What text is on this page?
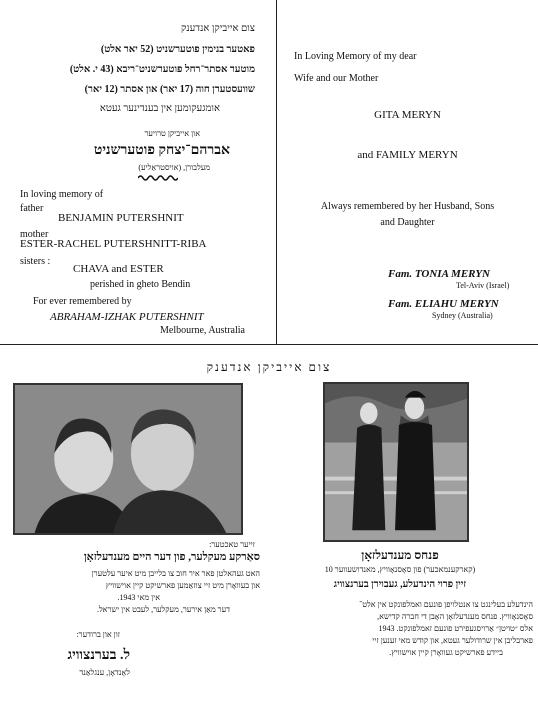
צום אייביקן אנדענק
פאטער בנימין פוטערשניט (52 יאר אלט)
מוטער אסתר־רחל פוטערשניט־ריבא (43 י. אלט)
שוועסטערן חוה (17 יאר) און אסתר (12 יאר)
אומגעקומען אין בענדינער געטא
און אייביקן טרויער
אברהם־יצחק פוטערשניט
מעלבורן, (אויסטראַליע)
In loving memory of
father
BENJAMIN PUTERSHNIT
mother
ESTER-RACHEL PUTERSHNITT-RIBA
sisters :
CHAVA and ESTER
perished in gheto Bendin
For ever remembered by
ABRAHAM-IZHAK PUTERSHNIT
Melbourne, Australia
In Loving Memory of my dear
Wife and our Mother
GITA MERYN
and FAMILY MERYN
Always remembered by her Husband, Sons
and Daughter
Fam. TONIA MERYN
Tel-Aviv (Israel)
Fam. ELIAHU MERYN
Sydney (Australia)
צום אייביקן אנדענק
זייער טאכטער:
סאַרקע מעקלער, פון דער היים מענדעלזאָן
האט געהאלטן פאר איר חוב צו בלייבן מיט איער עלטערן
און בעוואָרן מיט זיי צוזאַמען פארשיקט קיין אוישוויץ
אין מאי 1943.
דער מאַן אירער, מעקלער, לעבט אין ישראל.
זון און ברודער:
ל. בערנצוויג
לאָנדאָן, ענגלאַנד
פנחס מענדעלזאָן
(קארקענמאכער) פון סאָסנאָוויץ, מאנדושעווער 10
זיין פרוי הינדעלע, געבוירן בערנצוויג
הינדעלע בעלינגט צו אנטלויפן פונעם ואמלפונקט אין אלט־
סאָסנאָוויץ. פנחס מענדעלזאָן האָבן די חברה קדישא,
אלס ״טויטן״ אַרויסגעפירט פונעם זאמלפונקט. 1943
פארבליבן אין שרודולער געטא, און קודש מאי זענען זיי
ביידע פארשיקט געוואָרן קיין אוישוויץ.
